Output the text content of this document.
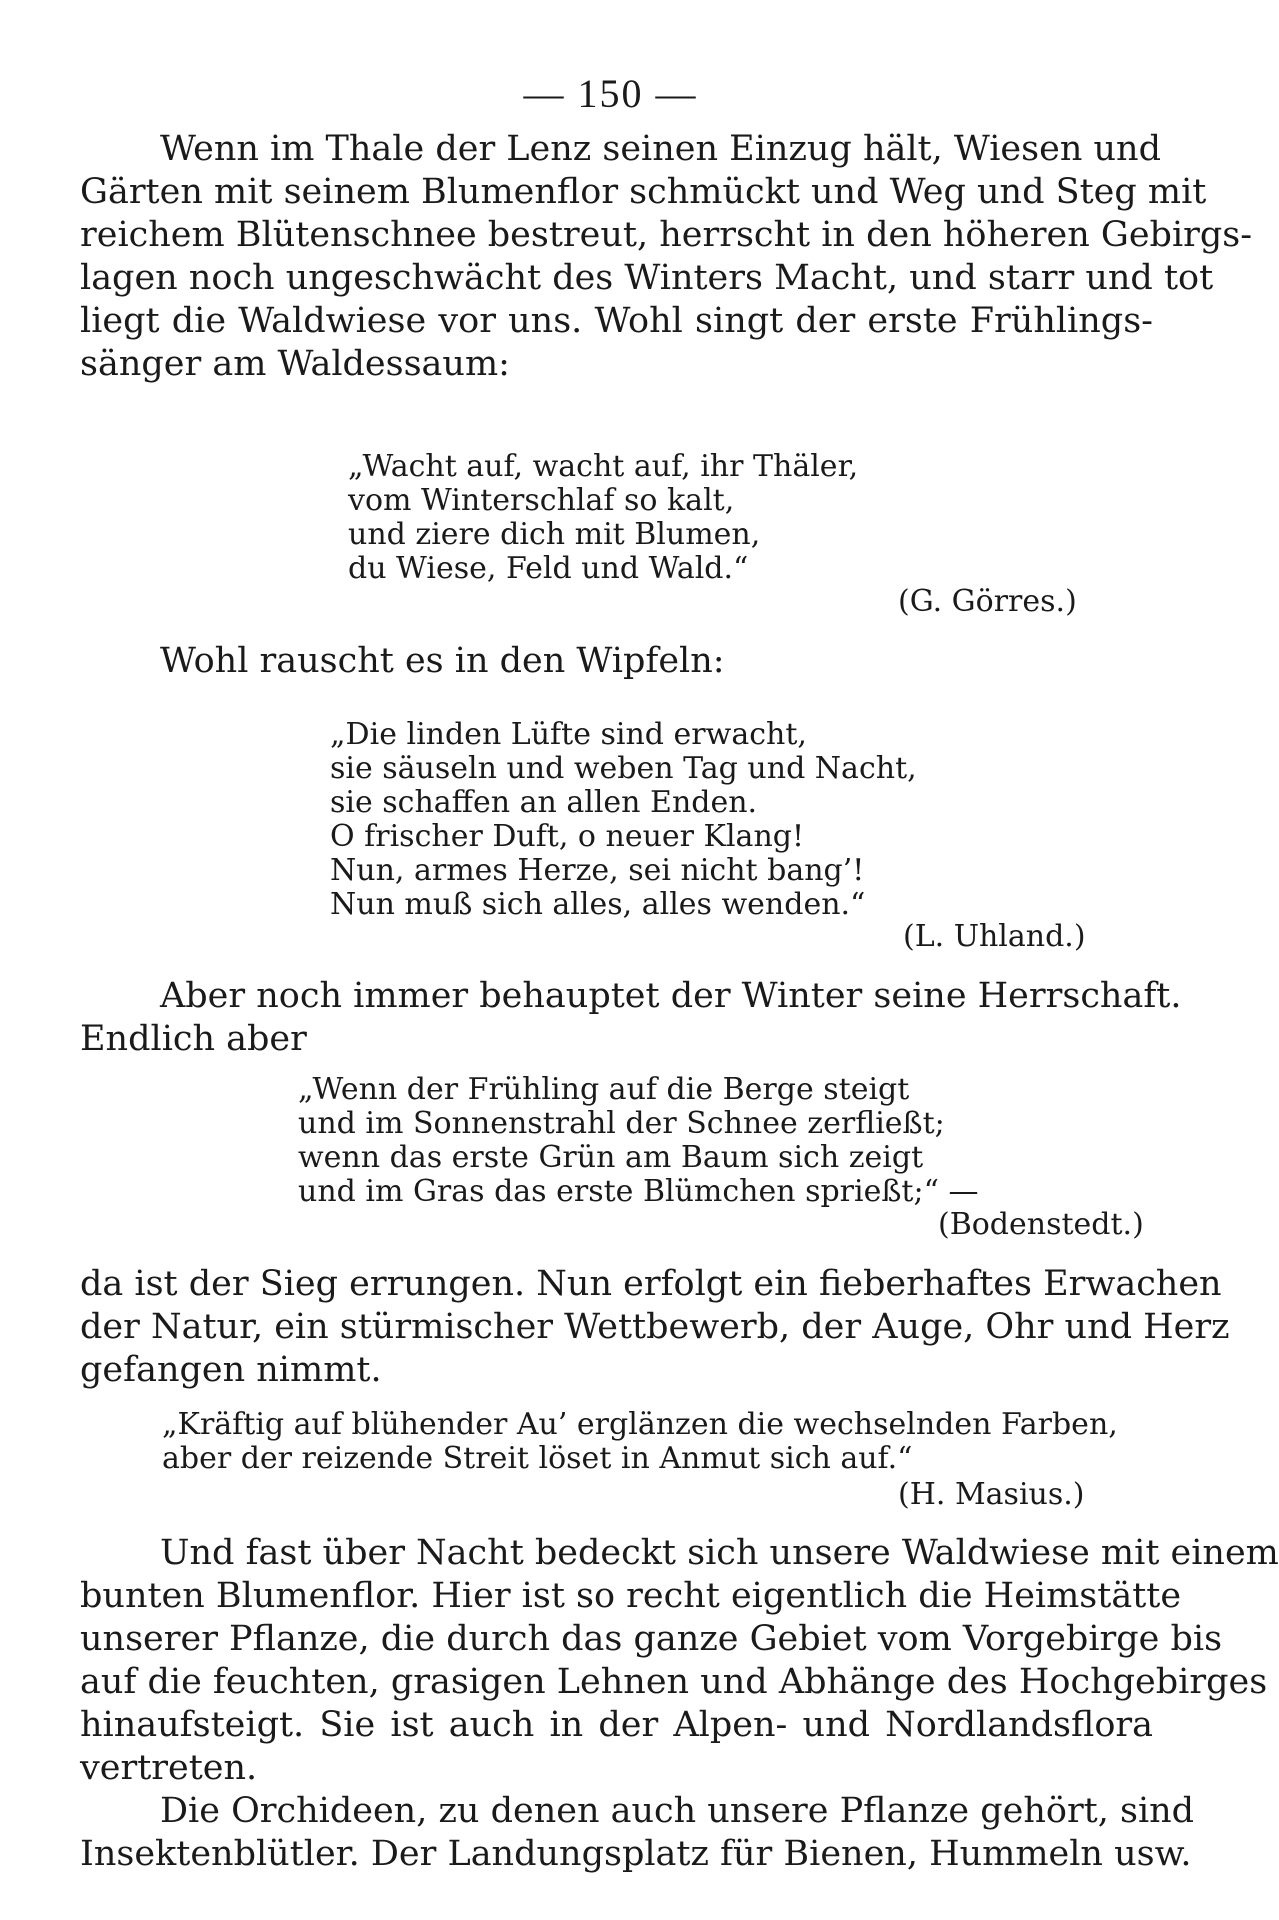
— 150 —
Wenn im Thale der Lenz seinen Einzug hält, Wiesen und
Gärten mit seinem Blumenflor schmückt und Weg und Steg mit
reichem Blütenschnee bestreut, herrscht in den höheren Gebirgs-
lagen noch ungeschwächt des Winters Macht, und starr und tot
liegt die Waldwiese vor uns. Wohl singt der erste Frühlings-
sänger am Waldessaum:
„Wacht auf, wacht auf, ihr Thäler,
vom Winterschlaf so kalt,
und ziere dich mit Blumen,
du Wiese, Feld und Wald.“
(G. Görres.)
Wohl rauscht es in den Wipfeln:
„Die linden Lüfte sind erwacht,
sie säuseln und weben Tag und Nacht,
sie schaffen an allen Enden.
O frischer Duft, o neuer Klang!
Nun, armes Herze, sei nicht bang’!
Nun muß sich alles, alles wenden.“
(L. Uhland.)
Aber noch immer behauptet der Winter seine Herrschaft.
Endlich aber
„Wenn der Frühling auf die Berge steigt
und im Sonnenstrahl der Schnee zerfließt;
wenn das erste Grün am Baum sich zeigt
und im Gras das erste Blümchen sprießt;“ —
(Bodenstedt.)
da ist der Sieg errungen. Nun erfolgt ein fieberhaftes Erwachen
der Natur, ein stürmischer Wettbewerb, der Auge, Ohr und Herz
gefangen nimmt.
„Kräftig auf blühender Au’ erglänzen die wechselnden Farben,
aber der reizende Streit löset in Anmut sich auf.“
(H. Masius.)
Und fast über Nacht bedeckt sich unsere Waldwiese mit einem
bunten Blumenflor. Hier ist so recht eigentlich die Heimstätte
unserer Pflanze, die durch das ganze Gebiet vom Vorgebirge bis
auf die feuchten, grasigen Lehnen und Abhänge des Hochgebirges
hinaufsteigt. Sie ist auch in der Alpen- und Nordlandsflora
vertreten.
Die Orchideen, zu denen auch unsere Pflanze gehört, sind
Insektenblütler. Der Landungsplatz für Bienen, Hummeln usw.
